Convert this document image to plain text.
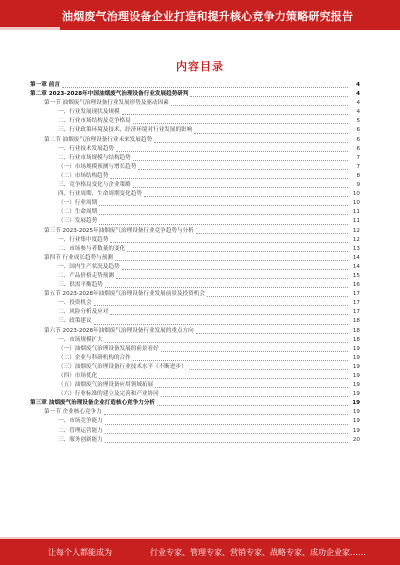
油烟废气治理设备企业打造和提升核心竞争力策略研究报告
内容目录
第一章 前言	4
第二章 2023-2028年中国油烟废气治理设备行业发展趋势研判	4
第一节 油烟废气治理设备行业发展形势及驱动因素	4
一、行业发展现状及规模	4
二、行业市场结构及竞争格局	5
三、行业政策环境及技术、经济环境对行业发展的影响	6
第二节 油烟废气治理设备行业未来发展趋势	6
一、行业技术发展趋势	6
二、行业市场规模与结构趋势	7
（一）市场规模预测与增长趋势	7
（二）市场结构趋势	8
三、竞争格局变化与企业策略	9
四、行业周期、生命周期变化趋势	10
（一）行业周期	10
（二）生命周期	11
（三）发展趋势	11
第三节 2023-2025年油烟废气治理设备行业竞争趋势与分析	12
一、行业集中度趋势	12
二、市场参与者数量的变化	13
第四节 行业成长趋势与预测	14
一、国内生产状况及趋势	14
二、产品价格走势预测	15
三、供需平衡趋势	16
第五节 2023-2028年油烟废气治理设备行业发展前景及投资机会	17
一、投资机会	17
二、风险分析及应对	17
三、政策建议	18
第六节 2023-2028年油烟废气治理设备行业发展的重点方向	18
一、市场规模扩大	18
（一）油烟废气治理设备发展的前景看好	19
（二）企业与科研机构的合作	19
（三）油烟废气治理设备行业技术水平（不断进步）	19
（四）市场优化	19
（五）油烟废气治理设备应用领域拓展	19
（六）行业标准的建立及完善和产业协同	19
第三章 油烟废气治理设备企业打造核心竞争力分析	19
第一节 企业核心竞争力	19
一、市场竞争能力	19
二、管理运营能力	19
三、服务创新能力	20
让每个人都能成为	行业专家、管理专家、营销专家、战略专家、成功企业家……
